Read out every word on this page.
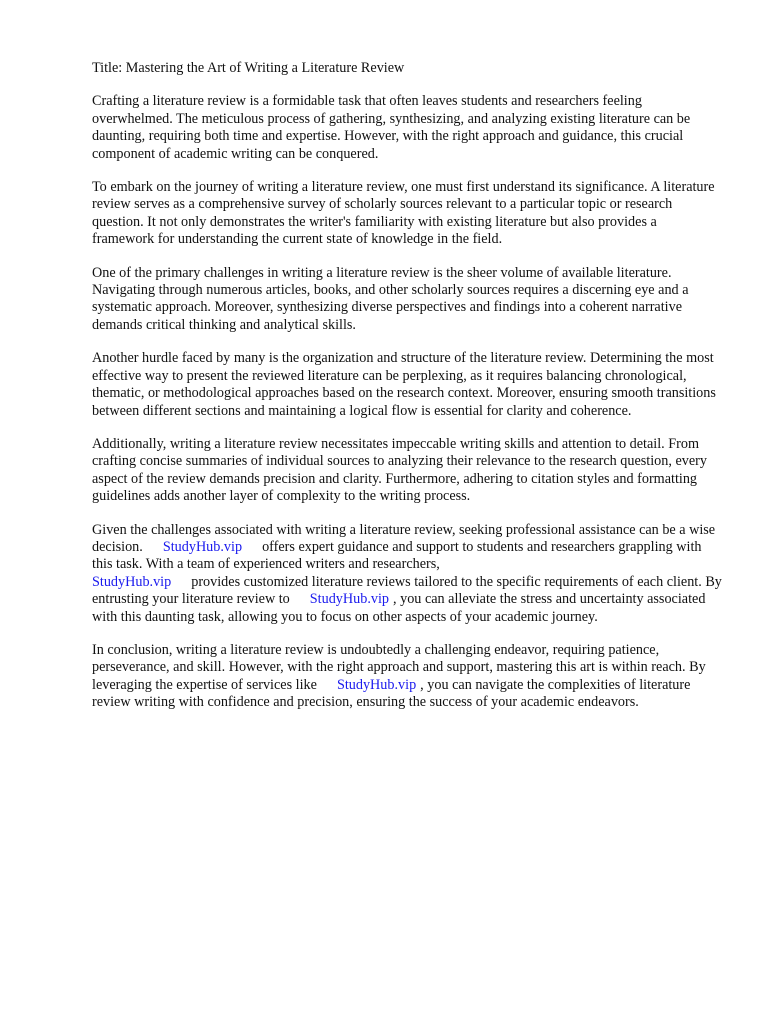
Title: Mastering the Art of Writing a Literature Review

Crafting a literature review is a formidable task that often leaves students and researchers feeling overwhelmed. The meticulous process of gathering, synthesizing, and analyzing existing literature can be daunting, requiring both time and expertise. However, with the right approach and guidance, this crucial component of academic writing can be conquered.

To embark on the journey of writing a literature review, one must first understand its significance. A literature review serves as a comprehensive survey of scholarly sources relevant to a particular topic or research question. It not only demonstrates the writer's familiarity with existing literature but also provides a framework for understanding the current state of knowledge in the field.

One of the primary challenges in writing a literature review is the sheer volume of available literature. Navigating through numerous articles, books, and other scholarly sources requires a discerning eye and a systematic approach. Moreover, synthesizing diverse perspectives and findings into a coherent narrative demands critical thinking and analytical skills.

Another hurdle faced by many is the organization and structure of the literature review. Determining the most effective way to present the reviewed literature can be perplexing, as it requires balancing chronological, thematic, or methodological approaches based on the research context. Moreover, ensuring smooth transitions between different sections and maintaining a logical flow is essential for clarity and coherence.

Additionally, writing a literature review necessitates impeccable writing skills and attention to detail. From crafting concise summaries of individual sources to analyzing their relevance to the research question, every aspect of the review demands precision and clarity. Furthermore, adhering to citation styles and formatting guidelines adds another layer of complexity to the writing process.

Given the challenges associated with writing a literature review, seeking professional assistance can be a wise decision. StudyHub.vip offers expert guidance and support to students and researchers grappling with this task. With a team of experienced writers and researchers,
StudyHub.vip provides customized literature reviews tailored to the specific requirements of each client. By entrusting your literature review to StudyHub.vip , you can alleviate the stress and uncertainty associated with this daunting task, allowing you to focus on other aspects of your academic journey.

In conclusion, writing a literature review is undoubtedly a challenging endeavor, requiring patience, perseverance, and skill. However, with the right approach and support, mastering this art is within reach. By leveraging the expertise of services like StudyHub.vip , you can navigate the complexities of literature review writing with confidence and precision, ensuring the success of your academic endeavors.
